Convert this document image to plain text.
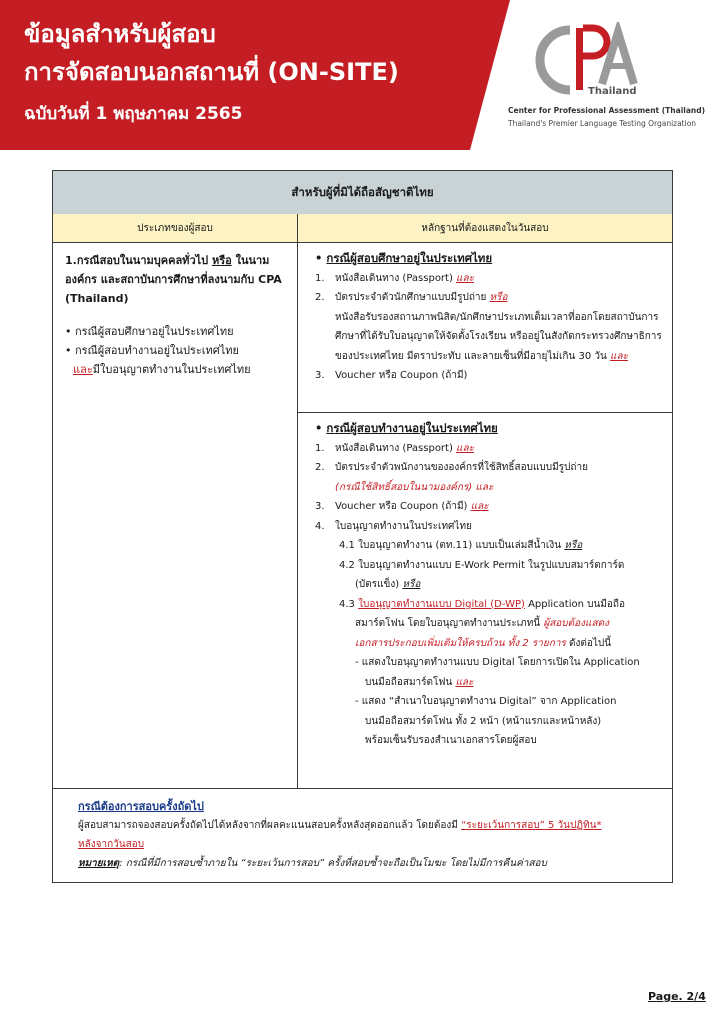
ข้อมูลสำหรับผู้สอบ
การจัดสอบนอกสถานที่ (ON-SITE)
ฉบับวันที่ 1 พฤษภาคม 2565
Thailand
Center for Professional Assessment (Thailand)
Thailand's Premier Language Testing Organization
สำหรับผู้ที่มิได้ถือสัญชาติไทย
ประเภทของผู้สอบ	หลักฐานที่ต้องแสดงในวันสอบ
1.กรณีสอบในนามบุคคลทั่วไป หรือ ในนามองค์กร และสถาบันการศึกษาที่ลงนามกับ CPA (Thailand)
• กรณีผู้สอบศึกษาอยู่ในประเทศไทย
• กรณีผู้สอบทำงานอยู่ในประเทศไทย
และมีใบอนุญาตทำงานในประเทศไทย
• กรณีผู้สอบศึกษาอยู่ในประเทศไทย
1. หนังสือเดินทาง (Passport) และ
2. บัตรประจำตัวนักศึกษาแบบมีรูปถ่าย หรือ
หนังสือรับรองสถานภาพนิสิต/นักศึกษาประเภทเต็มเวลาที่ออกโดยสถาบันการศึกษาที่ได้รับใบอนุญาตให้จัดตั้งโรงเรียน หรืออยู่ในสังกัดกระทรวงศึกษาธิการของประเทศไทย มีตราประทับ และลายเซ็นที่มีอายุไม่เกิน 30 วัน และ
3. Voucher หรือ Coupon (ถ้ามี)
• กรณีผู้สอบทำงานอยู่ในประเทศไทย
1. หนังสือเดินทาง (Passport) และ
2. บัตรประจำตัวพนักงานขององค์กรที่ใช้สิทธิ์สอบแบบมีรูปถ่าย
(กรณีใช้สิทธิ์สอบในนามองค์กร) และ
3. Voucher หรือ Coupon (ถ้ามี) และ
4. ใบอนุญาตทำงานในประเทศไทย
4.1 ใบอนุญาตทำงาน (ตท.11) แบบเป็นเล่มสีน้ำเงิน หรือ
4.2 ใบอนุญาตทำงานแบบ E-Work Permit ในรูปแบบสมาร์ตการ์ด
(บัตรแข็ง) หรือ
4.3 ใบอนุญาตทำงานแบบ Digital (D-WP) Application บนมือถือ
สมาร์ตโฟน โดยใบอนุญาตทำงานประเภทนี้ ผู้สอบต้องแสดง
เอกสารประกอบเพิ่มเติมให้ครบถ้วน ทั้ง 2 รายการ ดังต่อไปนี้
- แสดงใบอนุญาตทำงานแบบ Digital โดยการเปิดใน Application
บนมือถือสมาร์ตโฟน และ
- แสดง “สำเนาใบอนุญาตทำงาน Digital” จาก Application
บนมือถือสมาร์ตโฟน ทั้ง 2 หน้า (หน้าแรกและหน้าหลัง)
พร้อมเซ็นรับรองสำเนาเอกสารโดยผู้สอบ
กรณีต้องการสอบครั้งถัดไป
ผู้สอบสามารถจองสอบครั้งถัดไปได้หลังจากที่ผลคะแนนสอบครั้งหลังสุดออกแล้ว โดยต้องมี “ระยะเว้นการสอบ” 5 วันปฏิทิน*
หลังจากวันสอบ
หมายเหตุ: กรณีที่มีการสอบซ้ำภายใน “ระยะเว้นการสอบ” ครั้งที่สอบซ้ำจะถือเป็นโมฆะ โดยไม่มีการคืนค่าสอบ
Page. 2/4
